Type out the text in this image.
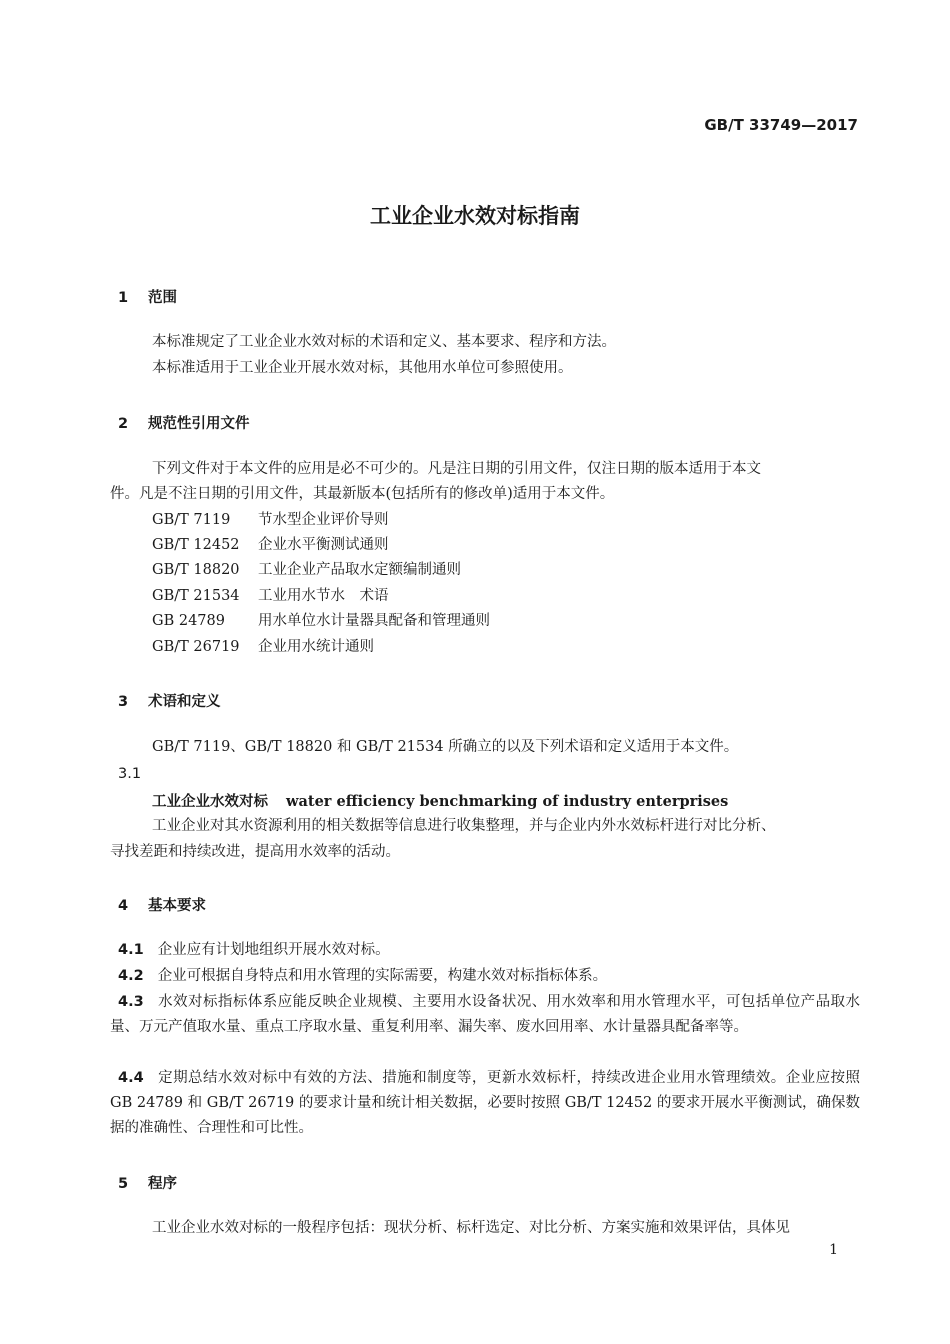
GB/T 33749—2017
工业企业水效对标指南
1 范围
本标准规定了工业企业水效对标的术语和定义、基本要求、程序和方法。
本标准适用于工业企业开展水效对标，其他用水单位可参照使用。
2 规范性引用文件
下列文件对于本文件的应用是必不可少的。凡是注日期的引用文件，仅注日期的版本适用于本文
件。凡是不注日期的引用文件，其最新版本(包括所有的修改单)适用于本文件。
GB/T 7119 节水型企业评价导则
GB/T 12452 企业水平衡测试通则
GB/T 18820 工业企业产品取水定额编制通则
GB/T 21534 工业用水节水　术语
GB 24789 用水单位水计量器具配备和管理通则
GB/T 26719 企业用水统计通则
3 术语和定义
GB/T 7119、GB/T 18820 和 GB/T 21534 所确立的以及下列术语和定义适用于本文件。
3.1
工业企业水效对标 water efficiency benchmarking of industry enterprises
工业企业对其水资源利用的相关数据等信息进行收集整理，并与企业内外水效标杆进行对比分析、
寻找差距和持续改进，提高用水效率的活动。
4 基本要求
4.1 企业应有计划地组织开展水效对标。
4.2 企业可根据自身特点和用水管理的实际需要，构建水效对标指标体系。
4.3 水效对标指标体系应能反映企业规模、主要用水设备状况、用水效率和用水管理水平，可包括单位产品取水量、万元产值取水量、重点工序取水量、重复利用率、漏失率、废水回用率、水计量器具配备率等。
4.4 定期总结水效对标中有效的方法、措施和制度等，更新水效标杆，持续改进企业用水管理绩效。企业应按照 GB 24789 和 GB/T 26719 的要求计量和统计相关数据，必要时按照 GB/T 12452 的要求开展水平衡测试，确保数据的准确性、合理性和可比性。
5 程序
工业企业水效对标的一般程序包括：现状分析、标杆选定、对比分析、方案实施和效果评估，具体见
1
